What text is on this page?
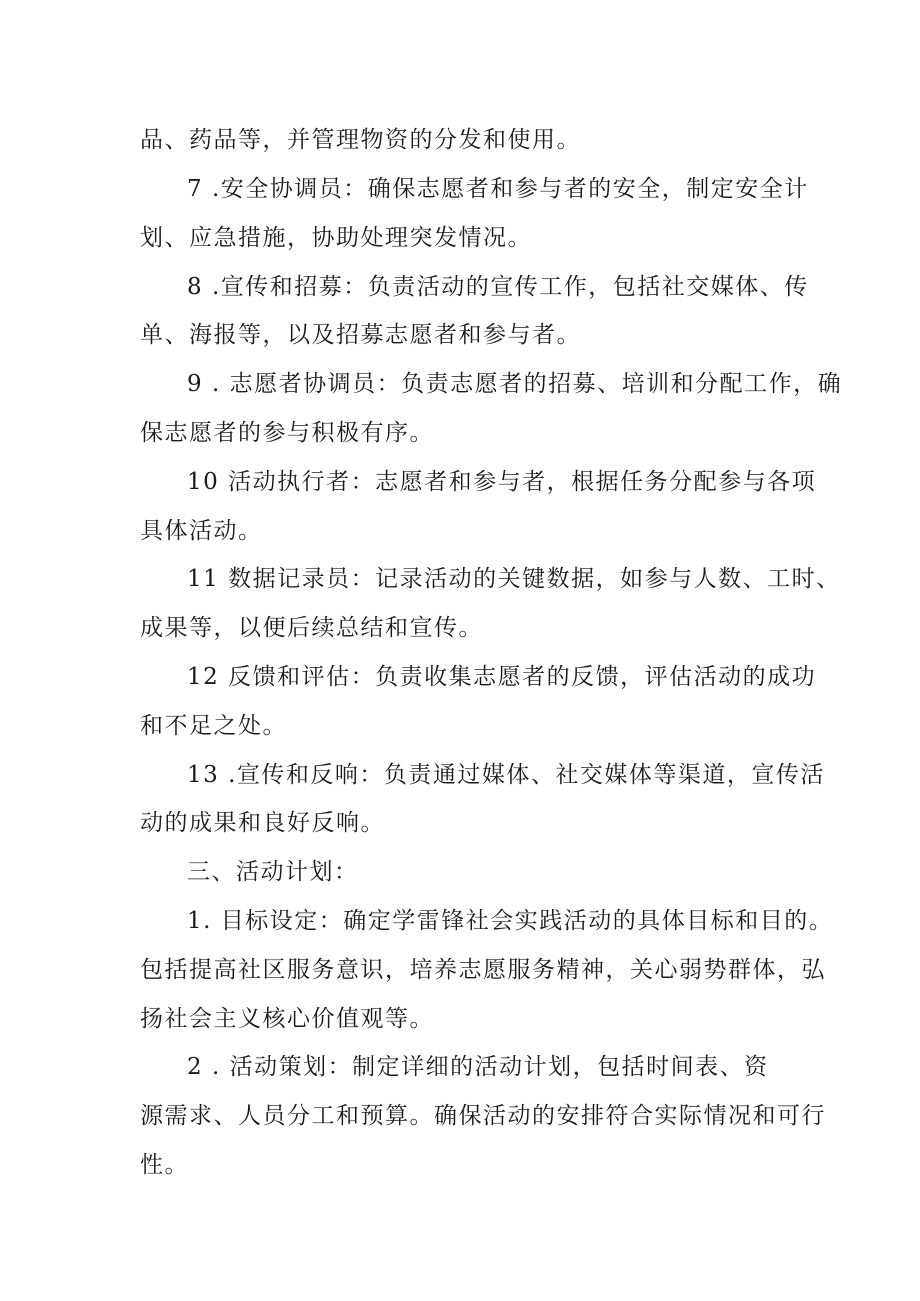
品、药品等，并管理物资的分发和使用。
7 .安全协调员：确保志愿者和参与者的安全，制定安全计
划、应急措施，协助处理突发情况。
8 .宣传和招募：负责活动的宣传工作，包括社交媒体、传
单、海报等，以及招募志愿者和参与者。
9 . 志愿者协调员：负责志愿者的招募、培训和分配工作，确
保志愿者的参与积极有序。
10 活动执行者：志愿者和参与者，根据任务分配参与各项
具体活动。
11 数据记录员：记录活动的关键数据，如参与人数、工时、
成果等，以便后续总结和宣传。
12 反馈和评估：负责收集志愿者的反馈，评估活动的成功
和不足之处。
13 .宣传和反响：负责通过媒体、社交媒体等渠道，宣传活
动的成果和良好反响。
三、活动计划：
1. 目标设定：确定学雷锋社会实践活动的具体目标和目的。
包括提高社区服务意识，培养志愿服务精神，关心弱势群体，弘
扬社会主义核心价值观等。
2 . 活动策划：制定详细的活动计划，包括时间表、资
源需求、人员分工和预算。确保活动的安排符合实际情况和可行
性。
